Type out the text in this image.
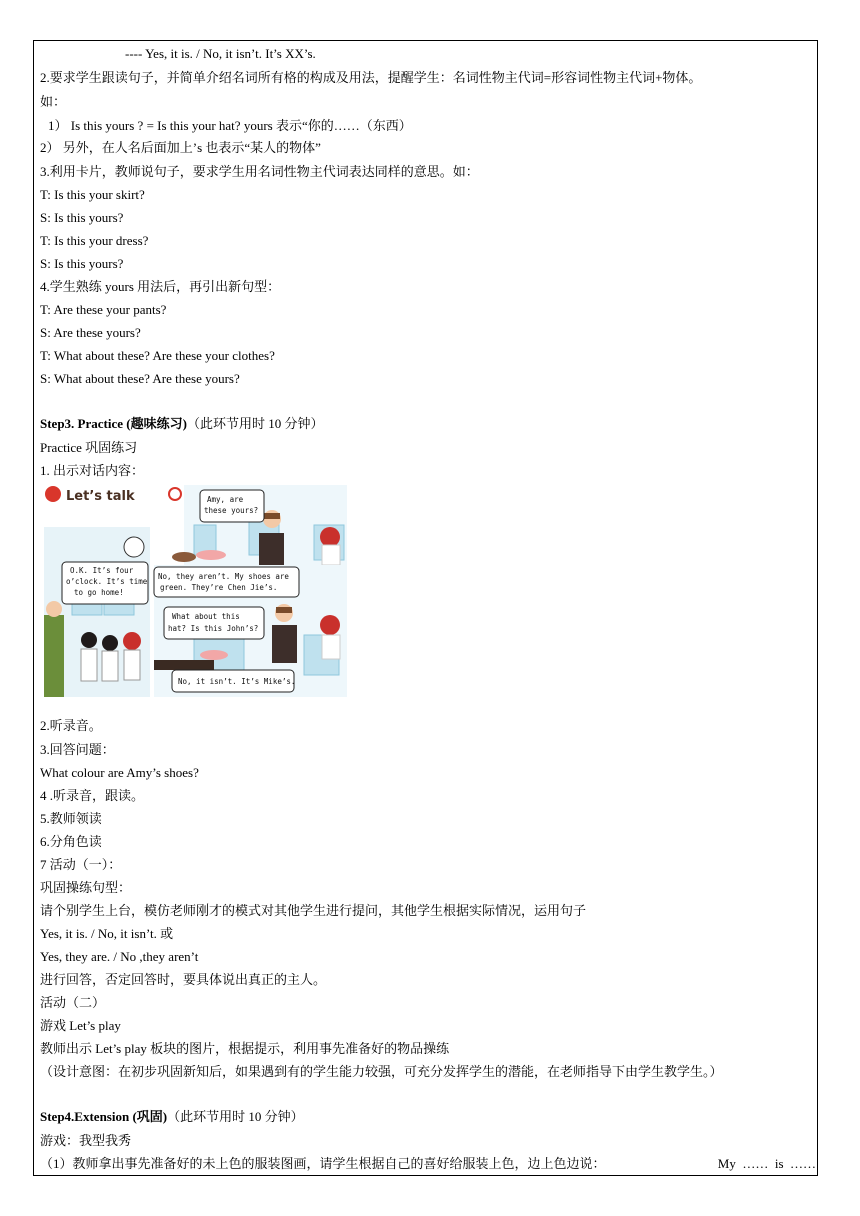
---- Yes, it is. / No, it isn’t. It’s XX’s.
2.要求学生跟读句子，并简单介绍名词所有格的构成及用法，提醒学生：名词性物主代词=形容词性物主代词+物体。
如：
1） Is this yours ? = Is this your hat? yours 表示“你的……（东西）
2） 另外，在人名后面加上’s 也表示“某人的物体”
3.利用卡片，教师说句子，要求学生用名词性物主代词表达同样的意思。如：
T: Is this your skirt?
S: Is this yours?
T: Is this your dress?
S: Is this yours?
4.学生熟练 yours 用法后，再引出新句型：
T: Are these your pants?
S: Are these yours?
T: What about these? Are these your clothes?
S: What about these? Are these yours?
Step3. Practice (趣味练习)（此环节用时 10 分钟）
Practice 巩固练习
1. 出示对话内容：
Let’s talk	Amy, are these yours?
O.K. It’s four o’clock. It’s time to go home!
No, they aren’t. My shoes are green. They’re Chen Jie’s.
What about this hat? Is this John’s?
No, it isn’t. It’s Mike’s.
2.听录音。
3.回答问题：
What colour are Amy’s shoes?
4 .听录音，跟读。
5.教师领读
6.分角色读
7 活动（一）：
巩固操练句型：
请个别学生上台，模仿老师刚才的模式对其他学生进行提问，其他学生根据实际情况，运用句子
Yes, it is. / No, it isn’t. 或
Yes, they are. / No ,they aren’t
进行回答，否定回答时，要具体说出真正的主人。
活动（二）
游戏 Let’s play
教师出示 Let’s play 板块的图片，根据提示，利用事先准备好的物品操练
（设计意图：在初步巩固新知后，如果遇到有的学生能力较强，可充分发挥学生的潜能，在老师指导下由学生教学生。）
Step4.Extension (巩固)（此环节用时 10 分钟）
游戏：我型我秀
（1）教师拿出事先准备好的未上色的服装图画，请学生根据自己的喜好给服装上色，边上色边说：	My …… is ……
